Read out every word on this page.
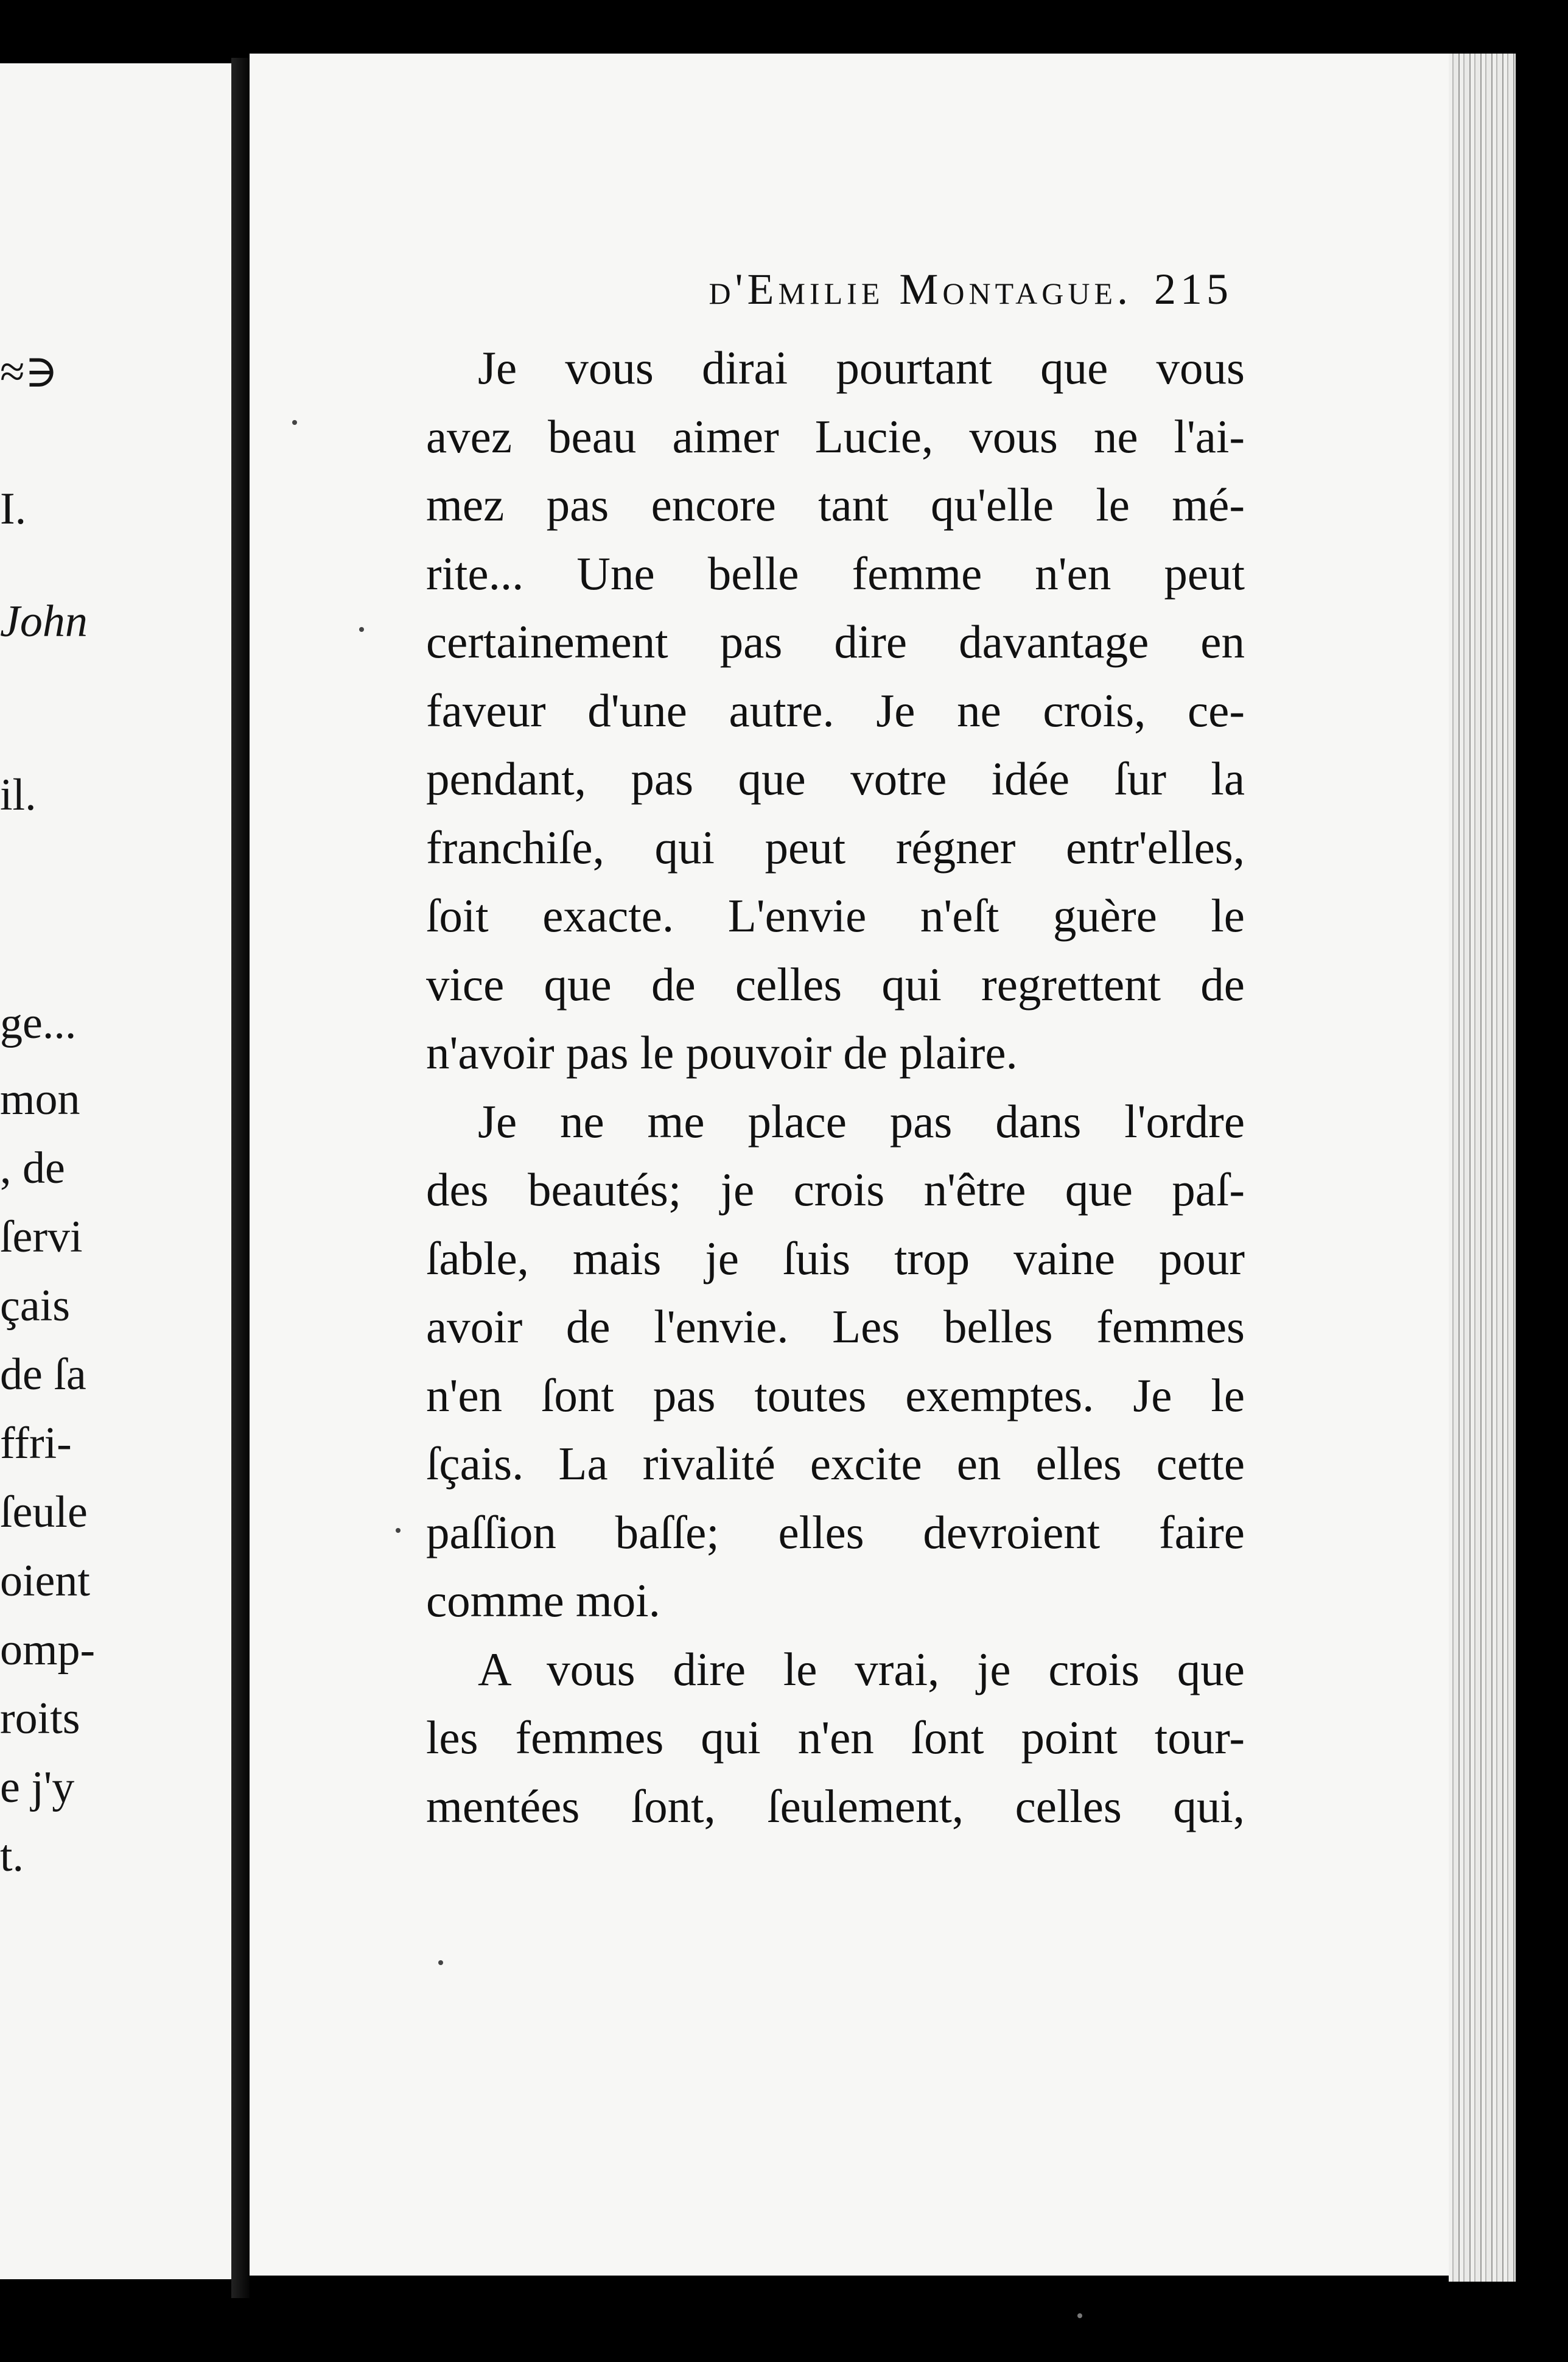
≈∋
I.
John
il.
ge...
mon
, de
ſervi
çais
de ſa
ffri-
ſeule
oient
omp-
roits
e j'y
t.
d'Emilie Montague. 215
Je vous dirai pourtant que vous
avez beau aimer Lucie, vous ne l'ai-
mez pas encore tant qu'elle le mé-
rite... Une belle femme n'en peut
certainement pas dire davantage en
faveur d'une autre. Je ne crois, ce-
pendant, pas que votre idée ſur la
franchiſe, qui peut régner entr'elles,
ſoit exacte. L'envie n'eſt guère le
vice que de celles qui regrettent de
n'avoir pas le pouvoir de plaire.
Je ne me place pas dans l'ordre
des beautés; je crois n'être que paſ-
ſable, mais je ſuis trop vaine pour
avoir de l'envie. Les belles femmes
n'en ſont pas toutes exemptes. Je le
ſçais. La rivalité excite en elles cette
paſſion baſſe; elles devroient faire
comme moi.
A vous dire le vrai, je crois que
les femmes qui n'en ſont point tour-
mentées ſont, ſeulement, celles qui,
